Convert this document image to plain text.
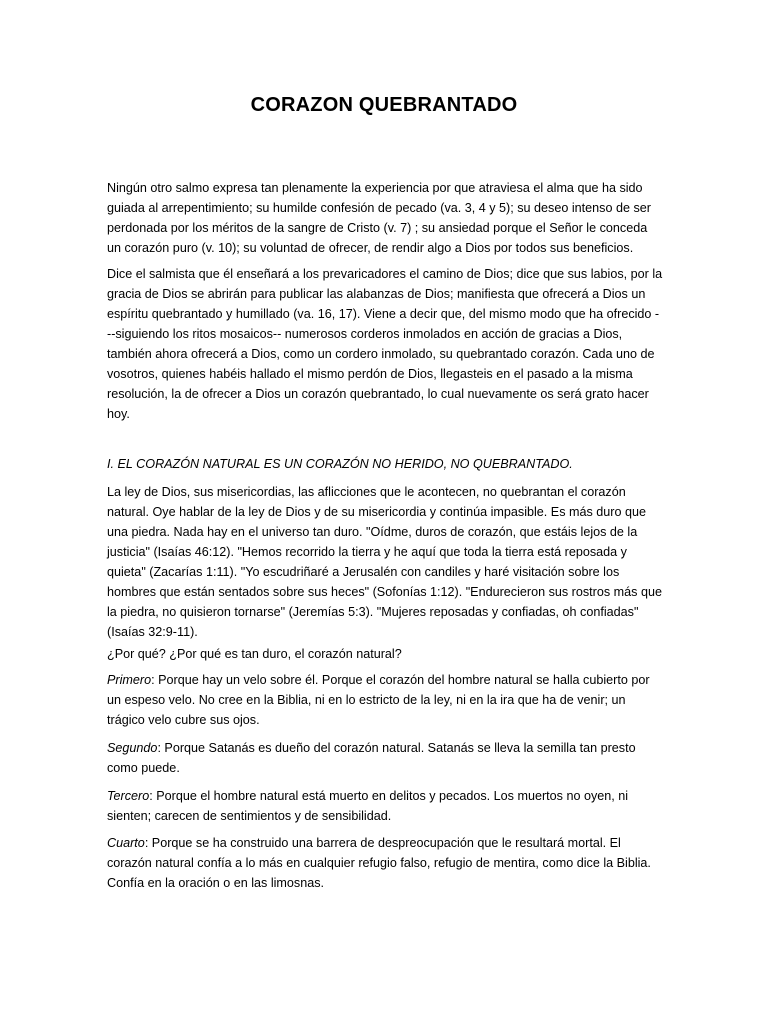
CORAZON QUEBRANTADO

Ningún otro salmo expresa tan plenamente la experiencia por que atraviesa el alma que ha sido guiada al arrepentimiento; su humilde confesión de pecado (va. 3, 4 y 5); su deseo intenso de ser perdonada por los méritos de la sangre de Cristo (v. 7) ; su ansiedad porque el Señor le conceda un corazón puro (v. 10); su voluntad de ofrecer, de rendir algo a Dios por todos sus beneficios.

Dice el salmista que él enseñará a los prevaricadores el camino de Dios; dice que sus labios, por la gracia de Dios se abrirán para publicar las alabanzas de Dios; manifiesta que ofrecerá a Dios un espíritu quebrantado y humillado (va. 16, 17). Viene a decir que, del mismo modo que ha ofrecido ---siguiendo los ritos mosaicos-- numerosos corderos inmolados en acción de gracias a Dios, también ahora ofrecerá a Dios, como un cordero inmolado, su quebrantado corazón. Cada uno de vosotros, quienes habéis hallado el mismo perdón de Dios, llegasteis en el pasado a la misma resolución, la de ofrecer a Dios un corazón quebrantado, lo cual nuevamente os será grato hacer hoy.

I. EL CORAZÓN NATURAL ES UN CORAZÓN NO HERIDO, NO QUEBRANTADO.

La ley de Dios, sus misericordias, las aflicciones que le acontecen, no quebrantan el corazón natural. Oye hablar de la ley de Dios y de su misericordia y continúa impasible. Es más duro que una piedra. Nada hay en el universo tan duro. "Oídme, duros de corazón, que estáis lejos de la justicia" (Isaías 46:12). "Hemos recorrido la tierra y he aquí que toda la tierra está reposada y quieta" (Zacarías 1:11). "Yo escudriñaré a Jerusalén con candiles y haré visitación sobre los hombres que están sentados sobre sus heces" (Sofonías 1:12). "Endurecieron sus rostros más que la piedra, no quisieron tornarse" (Jeremías 5:3). "Mujeres reposadas y confiadas, oh confiadas" (Isaías 32:9-11).

¿Por qué? ¿Por qué es tan duro, el corazón natural?

Primero: Porque hay un velo sobre él. Porque el corazón del hombre natural se halla cubierto por un espeso velo. No cree en la Biblia, ni en lo estricto de la ley, ni en la ira que ha de venir; un trágico velo cubre sus ojos.

Segundo: Porque Satanás es dueño del corazón natural. Satanás se lleva la semilla tan presto como puede.

Tercero: Porque el hombre natural está muerto en delitos y pecados. Los muertos no oyen, ni sienten; carecen de sentimientos y de sensibilidad.

Cuarto: Porque se ha construido una barrera de despreocupación que le resultará mortal. El corazón natural confía a lo más en cualquier refugio falso, refugio de mentira, como dice la Biblia. Confía en la oración o en las limosnas.
